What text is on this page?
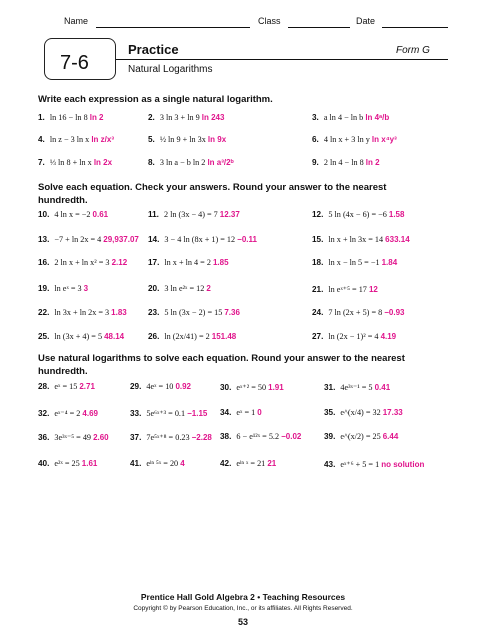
Name	Class	Date
7-6
Practice
Natural Logarithms
Form G
Write each expression as a single natural logarithm.
Solve each equation. Check your answers. Round your answer to the nearest hundredth.
Use natural logarithms to solve each equation. Round your answer to the nearest hundredth.
1. ln 16 − ln 8 ln 2	2. 3 ln 3 + ln 9 ln 243	3. a ln 4 − ln b ln 4ᵃ/b
4. ln z − 3 ln x ln z/x³	5. ½ ln 9 + ln 3x ln 9x	6. 4 ln x + 3 ln y ln x⁴y³
7. ⅓ ln 8 + ln x ln 2x	8. 3 ln a − b ln 2 ln a³/2ᵇ	9. 2 ln 4 − ln 8 ln 2
10. 4 ln x = −2 0.61	11. 2 ln (3x − 4) = 7 12.37	12. 5 ln (4x − 6) = −6 1.58
13. −7 + ln 2x = 4 29,937.07 14. 3 − 4 ln (8x + 1) = 12 −0.11	15. ln x + ln 3x = 14 633.14
16. 2 ln x + ln x² = 3 2.12	17. ln x + ln 4 = 2 1.85	18. ln x − ln 5 = −1 1.84
19. ln eˣ = 3 3	20. 3 ln e²ˣ = 12 2	21. ln eˣ⁺⁵ = 17 12
22. ln 3x + ln 2x = 3 1.83	23. 5 ln (3x − 2) = 15 7.36	24. 7 ln (2x + 5) = 8 −0.93
25. ln (3x + 4) = 5 48.14	26. ln (2x/41) = 2 151.48	27. ln (2x − 1)² = 4 4.19
28. eˣ = 15 2.71	29. 4eˣ = 10 0.92	30. eˣ⁺² = 50 1.91	31. 4e³ˣ⁻¹ = 5 0.41
32. eˣ⁻⁴ = 2 4.69	33. 5e⁶ˣ⁺³ = 0.1 −1.15 34. eˣ = 1 0	35. e^(x/4) = 32 17.33
36. 3e³ˣ⁻⁵ = 49 2.60	37. 7e⁵ˣ⁺⁸ = 0.23 −2.28 38. 6 − e¹²ˣ = 5.2 −0.02	39. e^(x/2) = 25 6.44
40. e²ˣ = 25 1.61	41. eˡⁿ ⁵ˣ = 20 4	42. eˡⁿ ˣ = 21 21	43. eˣ⁺⁶ + 5 = 1 no solution
Prentice Hall Gold Algebra 2 • Teaching Resources
Copyright © by Pearson Education, Inc., or its affiliates. All Rights Reserved.
53
